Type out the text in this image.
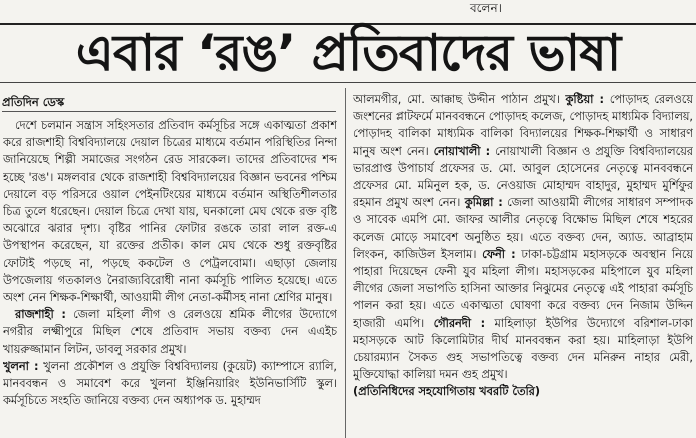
বলেন।
এবার ‘রঙ’ প্রতিবাদের ভাষা
প্রতিদিন ডেস্ক

দেশে চলমান সন্ত্রাস সহিংসতার প্রতিবাদ কর্মসূচির সঙ্গে একাত্মতা প্রকাশ করে রাজশাহী বিশ্ববিদ্যালয়ে দেয়াল চিত্রের মাধ্যমে বর্তমান পরিস্থিতির নিন্দা জানিয়েছে শিল্পী সমাজের সংগঠন রেড সারকেল। তাদের প্রতিবাদের শব্দ হচ্ছে 'রঙ'। মঙ্গলবার থেকে রাজশাহী বিশ্ববিদ্যালয়ের বিজ্ঞান ভবনের পশ্চিম দেয়ালে বড় পরিসরে ওয়াল পেইনটিংয়ের মাধ্যমে বর্তমান অস্থিতিশীলতার চিত্র তুলে ধরেছেন। দেয়াল চিত্রে দেখা যায়, ঘনকালো মেঘ থেকে রক্ত বৃষ্টি অঝোরে ঝরার দৃশ্য। বৃষ্টির পানির ফোটার রঙকে তারা লাল রক্ত-এ উপস্থাপন করেছেন, যা রক্তের প্রতীক। কাল মেঘ থেকে শুধু রক্তবৃষ্টির ফোটাই পড়ছে না, পড়ছে ককটেল ও পেট্রলবোমা। এছাড়া জেলায় উপজেলায় গতকালও নৈরাজ্যবিরোধী নানা কর্মসূচি পালিত হয়েছে। এতে অংশ নেন শিক্ষক-শিক্ষার্থী, আওয়ামী লীগ নেতা-কর্মীসহ নানা শ্রেণির মানুষ।

রাজশাহী : জেলা মহিলা লীগ ও রেলওয়ে শ্রমিক লীগের উদ্যোগে নগরীর লক্ষ্মীপুরে মিছিল শেষে প্রতিবাদ সভায় বক্তব্য দেন এএইচ খায়রুজ্জামান লিটন, ডাবলু সরকার প্রমুখ।

খুলনা : খুলনা প্রকৌশল ও প্রযুক্তি বিশ্ববিদ্যালয় (কুয়েট) ক্যাম্পাসে র‍্যালি, মানববন্ধন ও সমাবেশ করে খুলনা ইঞ্জিনিয়ারিং ইউনিভার্সিটি স্কুল। কর্মসূচিতে সংহতি জানিয়ে বক্তব্য দেন অধ্যাপক ড. মুহাম্মদ

আলমগীর, মো. আক্কাছ উদ্দীন পাঠান প্রমুখ। কুষ্টিয়া : পোড়াদহ রেলওয়ে জংশনের প্লাটফর্মে মানববন্ধনে পোড়াদহ কলেজ, পোড়াদহ মাধ্যমিক বিদ্যালয়, পোড়াদহ বালিকা মাধ্যমিক বালিকা বিদ্যালয়ের শিক্ষক-শিক্ষার্থী ও সাধারণ মানুষ অংশ নেন। নোয়াখালী : নোয়াখালী বিজ্ঞান ও প্রযুক্তি বিশ্ববিদ্যালয়ের ভারপ্রাপ্ত উপাচার্য প্রফেসর ড. মো. আবুল হোসেনের নেতৃত্বে মানববন্ধনে প্রফেসর মো. মমিনুল হক, ড. নেওয়াজ মোহাম্মদ বাহাদুর, মুহাম্মদ মুর্শিফুর রহমান প্রমুখ অংশ নেন। কুমিল্লা : জেলা আওয়ামী লীগের সাধারণ সম্পাদক ও সাবেক এমপি মো. জাফর আলীর নেতৃত্বে বিক্ষোভ মিছিল শেষে শহরের কলেজ মোড়ে সমাবেশ অনুষ্ঠিত হয়। এতে বক্তব্য দেন, অ্যাড. আব্রাহাম লিংকন, কাজিউল ইসলাম। ফেনী : ঢাকা-চট্টগ্রাম মহাসড়কে অবস্থান নিয়ে পাহারা দিয়েছেন ফেনী যুব মহিলা লীগ। মহাসড়কের মহিপালে যুব মহিলা লীগের জেলা সভাপতি হাসিনা আক্তার নিঝুমের নেতৃত্বে এই পাহারা কর্মসূচি পালন করা হয়। এতে একাত্মতা ঘোষণা করে বক্তব্য দেন নিজাম উদ্দিন হাজারী এমপি। গৌরনদী : মাহিলাড়া ইউপির উদ্যোগে বরিশাল-ঢাকা মহাসড়কে আট কিলোমিটার দীর্ঘ মানববন্ধন করা হয়। মাহিলাড়া ইউপি চেয়ারম্যান সৈকত গুহ সভাপতিত্বে বক্তব্য দেন মনিরুন নাহার মেরী, মুক্তিযোদ্ধা কালিয়া দমন গুহ প্রমুখ।

(প্রতিনিধিদের সহযোগিতায় খবরটি তৈরি)
